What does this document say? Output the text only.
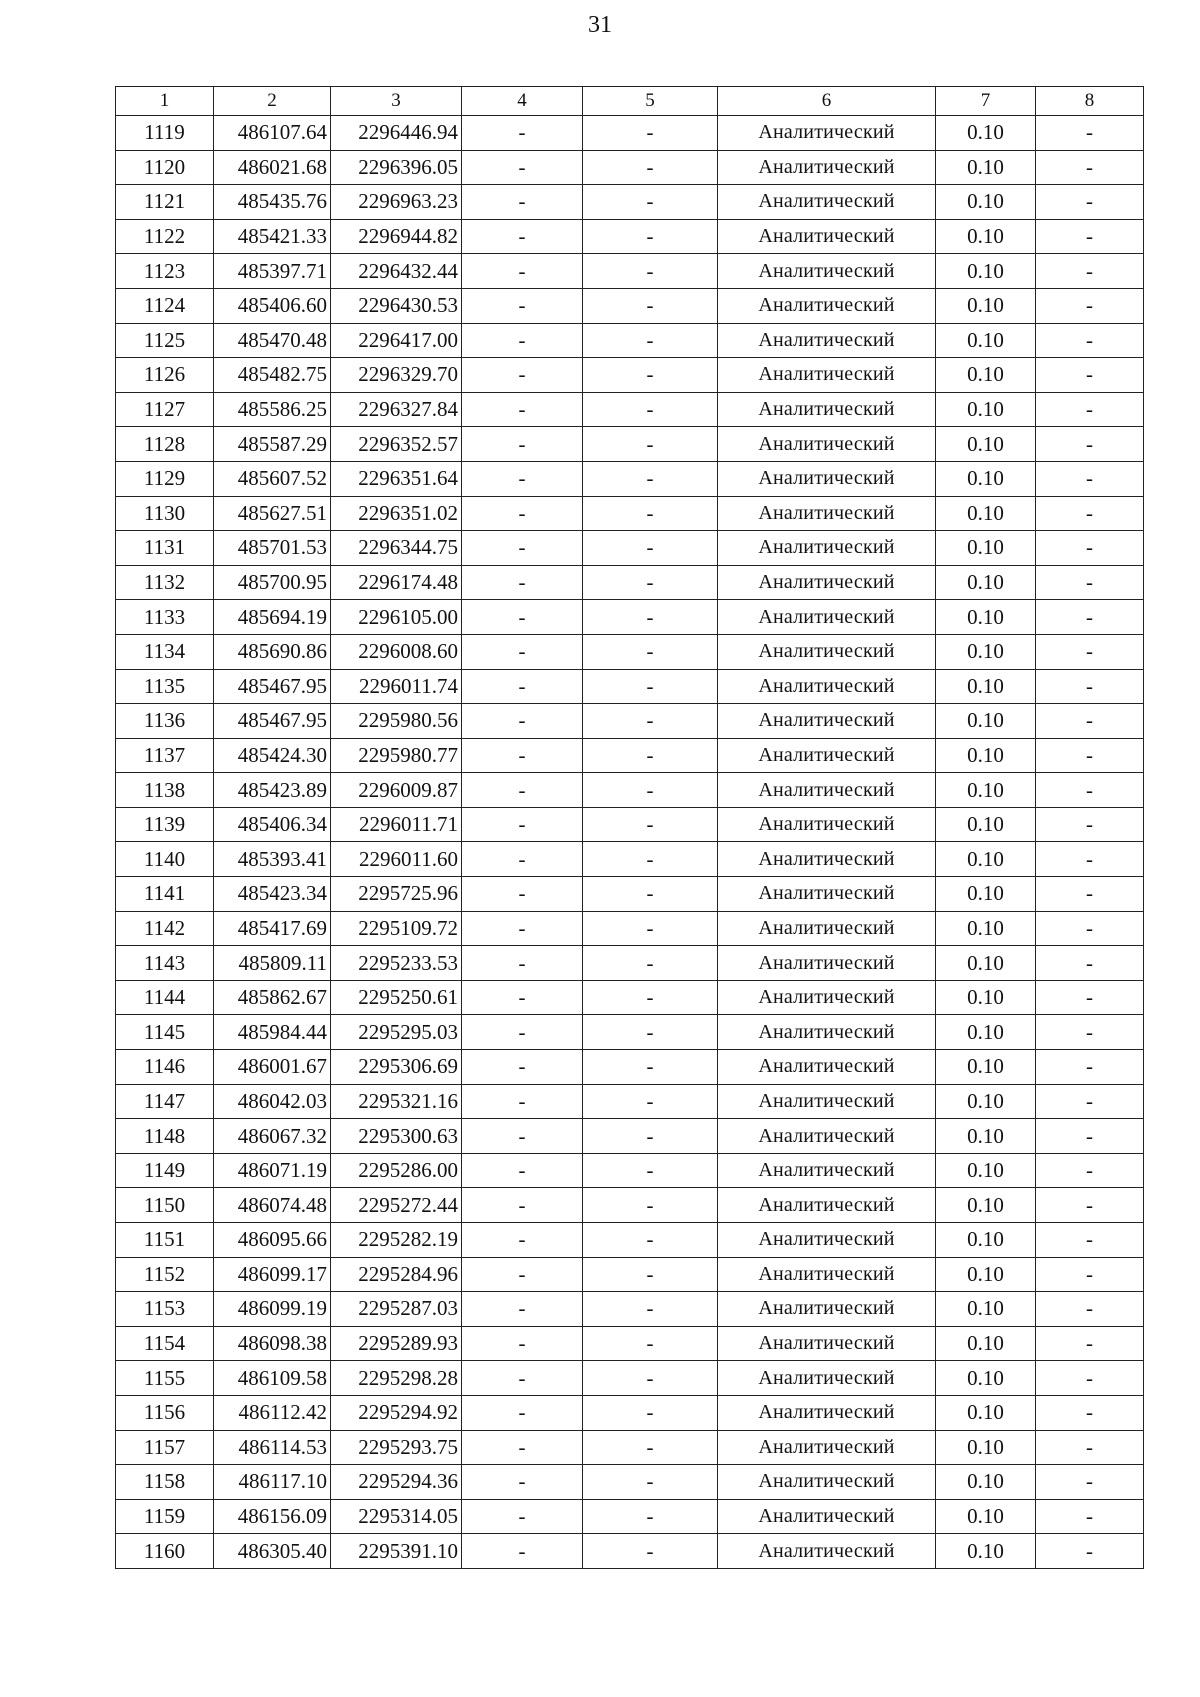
31
1	2	3	4	5	6	7	8
1119	486107.64	2296446.94	-	-	Аналитический	0.10	-
1120	486021.68	2296396.05	-	-	Аналитический	0.10	-
1121	485435.76	2296963.23	-	-	Аналитический	0.10	-
1122	485421.33	2296944.82	-	-	Аналитический	0.10	-
1123	485397.71	2296432.44	-	-	Аналитический	0.10	-
1124	485406.60	2296430.53	-	-	Аналитический	0.10	-
1125	485470.48	2296417.00	-	-	Аналитический	0.10	-
1126	485482.75	2296329.70	-	-	Аналитический	0.10	-
1127	485586.25	2296327.84	-	-	Аналитический	0.10	-
1128	485587.29	2296352.57	-	-	Аналитический	0.10	-
1129	485607.52	2296351.64	-	-	Аналитический	0.10	-
1130	485627.51	2296351.02	-	-	Аналитический	0.10	-
1131	485701.53	2296344.75	-	-	Аналитический	0.10	-
1132	485700.95	2296174.48	-	-	Аналитический	0.10	-
1133	485694.19	2296105.00	-	-	Аналитический	0.10	-
1134	485690.86	2296008.60	-	-	Аналитический	0.10	-
1135	485467.95	2296011.74	-	-	Аналитический	0.10	-
1136	485467.95	2295980.56	-	-	Аналитический	0.10	-
1137	485424.30	2295980.77	-	-	Аналитический	0.10	-
1138	485423.89	2296009.87	-	-	Аналитический	0.10	-
1139	485406.34	2296011.71	-	-	Аналитический	0.10	-
1140	485393.41	2296011.60	-	-	Аналитический	0.10	-
1141	485423.34	2295725.96	-	-	Аналитический	0.10	-
1142	485417.69	2295109.72	-	-	Аналитический	0.10	-
1143	485809.11	2295233.53	-	-	Аналитический	0.10	-
1144	485862.67	2295250.61	-	-	Аналитический	0.10	-
1145	485984.44	2295295.03	-	-	Аналитический	0.10	-
1146	486001.67	2295306.69	-	-	Аналитический	0.10	-
1147	486042.03	2295321.16	-	-	Аналитический	0.10	-
1148	486067.32	2295300.63	-	-	Аналитический	0.10	-
1149	486071.19	2295286.00	-	-	Аналитический	0.10	-
1150	486074.48	2295272.44	-	-	Аналитический	0.10	-
1151	486095.66	2295282.19	-	-	Аналитический	0.10	-
1152	486099.17	2295284.96	-	-	Аналитический	0.10	-
1153	486099.19	2295287.03	-	-	Аналитический	0.10	-
1154	486098.38	2295289.93	-	-	Аналитический	0.10	-
1155	486109.58	2295298.28	-	-	Аналитический	0.10	-
1156	486112.42	2295294.92	-	-	Аналитический	0.10	-
1157	486114.53	2295293.75	-	-	Аналитический	0.10	-
1158	486117.10	2295294.36	-	-	Аналитический	0.10	-
1159	486156.09	2295314.05	-	-	Аналитический	0.10	-
1160	486305.40	2295391.10	-	-	Аналитический	0.10	-
